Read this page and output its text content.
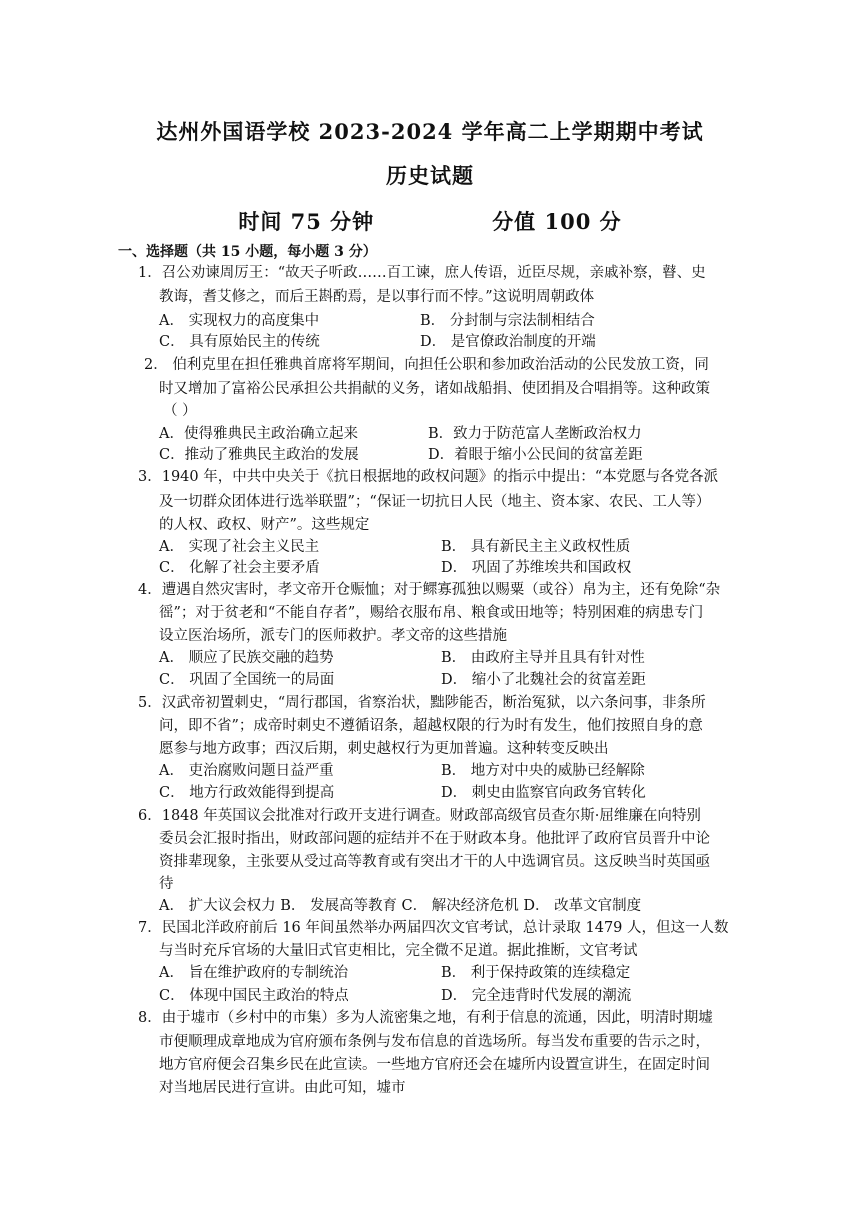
达州外国语学校 2023-2024 学年高二上学期期中考试
历史试题
时间 75 分钟	分值 100 分
一、选择题（共 15 小题，每小题 3 分）

1．召公劝谏周厉王：“故天子听政……百工谏，庶人传语，近臣尽规，亲戚补察，瞽、史

教诲，耆艾修之，而后王斟酌焉，是以事行而不悖。”这说明周朝政体

A． 实现权力的高度集中	B． 分封制与宗法制相结合
C． 具有原始民主的传统	D． 是官僚政治制度的开端

2． 伯利克里在担任雅典首席将军期间，向担任公职和参加政治活动的公民发放工资，同

时又增加了富裕公民承担公共捐献的义务，诸如战船捐、使团捐及合唱捐等。这种政策

（ ）

A．使得雅典民主政治确立起来	B．致力于防范富人垄断政治权力
C．推动了雅典民主政治的发展	D．着眼于缩小公民间的贫富差距

3．1940 年，中共中央关于《抗日根据地的政权问题》的指示中提出：“本党愿与各党各派

及一切群众团体进行选举联盟”；“保证一切抗日人民（地主、资本家、农民、工人等）

的人权、政权、财产”。这些规定

A． 实现了社会主义民主	B． 具有新民主主义政权性质
C． 化解了社会主要矛盾	D． 巩固了苏维埃共和国政权

4．遭遇自然灾害时，孝文帝开仓赈恤；对于鳏寡孤独以赐粟（或谷）帛为主，还有免除“杂

徭”；对于贫老和“不能自存者”，赐给衣服布帛、粮食或田地等；特别困难的病患专门

设立医治场所，派专门的医师救护。孝文帝的这些措施

A． 顺应了民族交融的趋势	B． 由政府主导并且具有针对性
C． 巩固了全国统一的局面	D． 缩小了北魏社会的贫富差距

5．汉武帝初置刺史，“周行郡国，省察治状，黜陟能否，断治冤狱，以六条问事，非条所

问，即不省”；成帝时刺史不遵循诏条，超越权限的行为时有发生，他们按照自身的意

愿参与地方政事；西汉后期，刺史越权行为更加普遍。这种转变反映出

A． 吏治腐败问题日益严重	B． 地方对中央的威胁已经解除
C． 地方行政效能得到提高	D． 刺史由监察官向政务官转化

6．1848 年英国议会批准对行政开支进行调查。财政部高级官员查尔斯·屈维廉在向特别

委员会汇报时指出，财政部问题的症结并不在于财政本身。他批评了政府官员晋升中论

资排辈现象，主张要从受过高等教育或有突出才干的人中选调官员。这反映当时英国亟

待

A． 扩大议会权力 B． 发展高等教育 C． 解决经济危机 D． 改革文官制度

7．民国北洋政府前后 16 年间虽然举办两届四次文官考试，总计录取 1479 人，但这一人数

与当时充斥官场的大量旧式官吏相比，完全微不足道。据此推断，文官考试

A． 旨在维护政府的专制统治	B． 利于保持政策的连续稳定
C． 体现中国民主政治的特点	D． 完全违背时代发展的潮流

8．由于墟市（乡村中的市集）多为人流密集之地，有利于信息的流通，因此，明清时期墟

市便顺理成章地成为官府颁布条例与发布信息的首选场所。每当发布重要的告示之时，

地方官府便会召集乡民在此宣读。一些地方官府还会在墟所内设置宣讲生，在固定时间

对当地居民进行宣讲。由此可知，墟市
